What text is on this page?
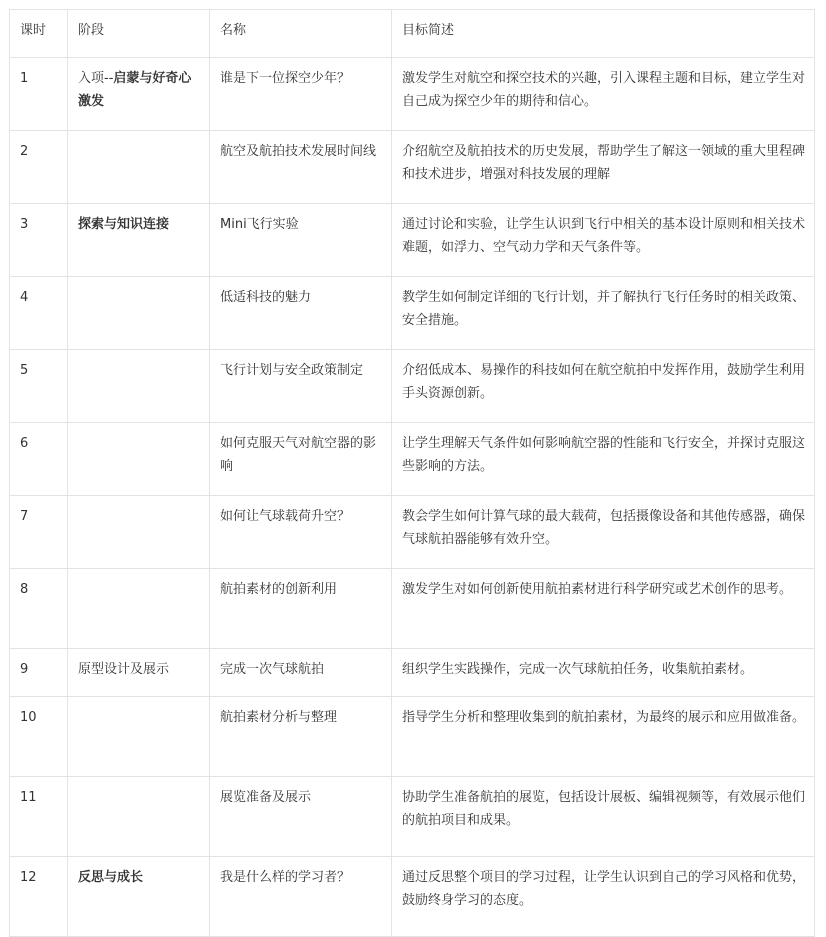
课时	阶段	名称	目标简述
1	入项--启蒙与好奇心激发	谁是下一位探空少年？	激发学生对航空和探空技术的兴趣，引入课程主题和目标，建立学生对自己成为探空少年的期待和信心。
2		航空及航拍技术发展时间线	介绍航空及航拍技术的历史发展，帮助学生了解这一领域的重大里程碑和技术进步，增强对科技发展的理解
3	探索与知识连接	Mini飞行实验	通过讨论和实验，让学生认识到飞行中相关的基本设计原则和相关技术难题，如浮力、空气动力学和天气条件等。
4		低适科技的魅力	教学生如何制定详细的飞行计划，并了解执行飞行任务时的相关政策、安全措施。
5		飞行计划与安全政策制定	介绍低成本、易操作的科技如何在航空航拍中发挥作用，鼓励学生利用手头资源创新。
6		如何克服天气对航空器的影响	让学生理解天气条件如何影响航空器的性能和飞行安全，并探讨克服这些影响的方法。
7		如何让气球载荷升空？	教会学生如何计算气球的最大载荷，包括摄像设备和其他传感器，确保气球航拍器能够有效升空。
8		航拍素材的创新利用	激发学生对如何创新使用航拍素材进行科学研究或艺术创作的思考。
9	原型设计及展示	完成一次气球航拍	组织学生实践操作，完成一次气球航拍任务，收集航拍素材。
10		航拍素材分析与整理	指导学生分析和整理收集到的航拍素材，为最终的展示和应用做准备。
11		展览准备及展示	协助学生准备航拍的展览，包括设计展板、编辑视频等，有效展示他们的航拍项目和成果。
12	反思与成长	我是什么样的学习者？	通过反思整个项目的学习过程，让学生认识到自己的学习风格和优势，鼓励终身学习的态度。
